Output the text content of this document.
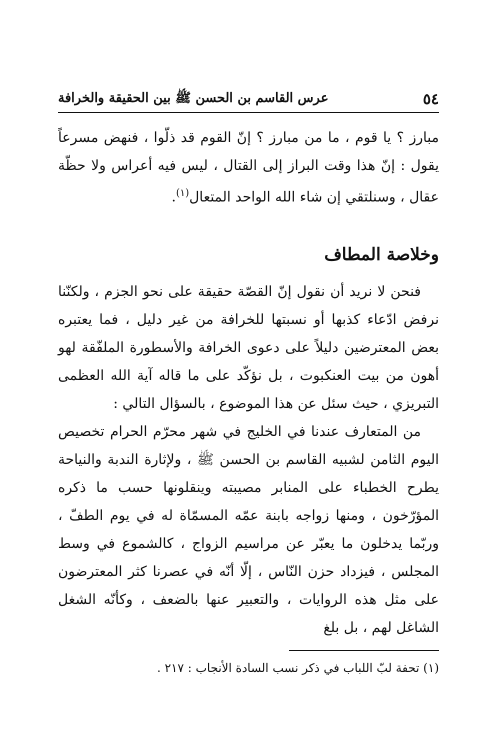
٥٤
عرس القاسم بن الحسن ﷺ بين الحقيقة والخرافة

مبارز ؟ يا قوم ، ما من مبارز ؟ إنّ القوم قد ذلّوا ، فنهض مسرعاً يقول : إنّ هذا وقت البراز إلى القتال ، ليس فيه أعراس ولا حظّة عقال ، وسنلتقي إن شاء الله الواحد المتعال$^{(١)}$.

وخلاصة المطاف

فنحن لا نريد أن نقول إنّ القصّة حقيقة على نحو الجزم ، ولكنّنا نرفض ادّعاء كذبها أو نسبتها للخرافة من غير دليل ، فما يعتبره بعض المعترضين دليلاً على دعوى الخرافة والأسطورة الملفّقة لهو أهون من بيت العنكبوت ، بل نؤكّد على ما قاله آية الله العظمى التبريزي ، حيث سئل عن هذا الموضوع ، بالسؤال التالي :

من المتعارف عندنا في الخليج في شهر محرّم الحرام تخصيص اليوم الثامن لشبيه القاسم بن الحسن ﷺ ، ولإثارة الندبة والنياحة يطرح الخطباء على المنابر مصيبته وينقلونها حسب ما ذكره المؤرّخون ، ومنها زواجه بابنة عمّه المسمّاة له في يوم الطفّ ، وربّما يدخلون ما يعبّر عن مراسيم الزواج ، كالشموع في وسط المجلس ، فيزداد حزن النّاس ، إلّا أنّه في عصرنا كثر المعترضون على مثل هذه الروايات ، والتعبير عنها بالضعف ، وكأنّه الشغل الشاغل لهم ، بل بلغ

(١) تحفة لبّ اللباب في ذكر نسب السادة الأنجاب : ٢١٧ .
